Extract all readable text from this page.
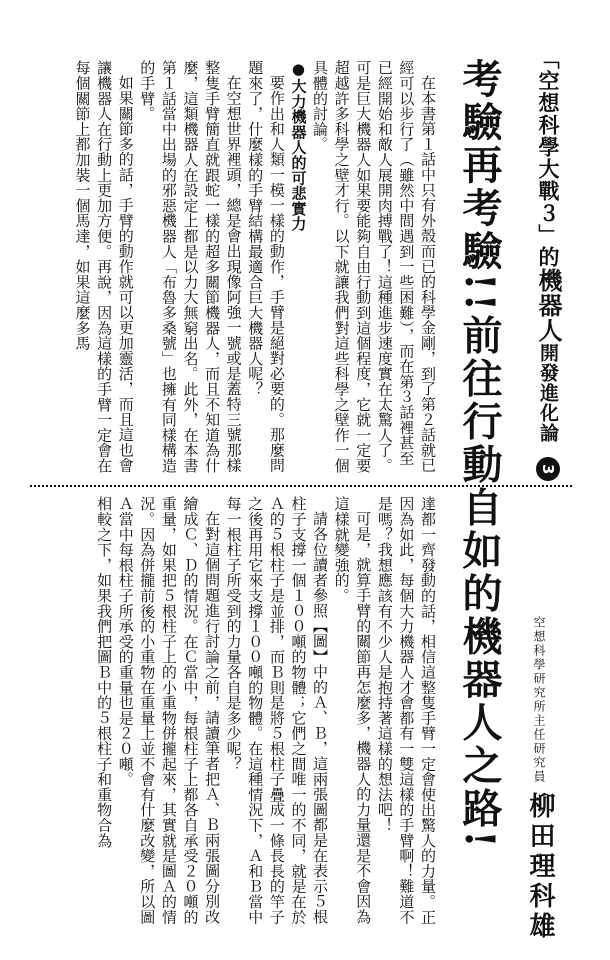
「空想科學大戰３」的機器人開發進化論 3
空想科學研究所主任研究員
柳田理科雄
考驗再考驗!!前往行動自如的機器人之路!

在本書第１話中只有外殼而已的科學金剛，到了第２話就已經可以步行了（雖然中間遇到一些困難），而在第３話裡甚至已經開始和敵人展開肉搏戰了！這種進步速度實在太驚人了。可是巨大機器人如果要能夠自由行動到這個程度，它就一定要超越許多科學之壁才行。以下就讓我們對這些科學之壁作一個具體的討論。

●大力機器人的可悲實力

要作出和人類一模一樣的動作，手臂是絕對必要的。那麼問題來了，什麼樣的手臂結構最適合巨大機器人呢？

在空想世界裡頭，總是會出現像阿強一號或是蓋特三號那樣整隻手臂簡直就跟蛇一樣的超多關節機器人，而且不知道為什麼，這類機器人在設定上都是以力大無窮出名。此外，在本書第１話當中出場的邪惡機器人「布魯多桑號」也擁有同樣構造的手臂。

如果關節多的話，手臂的動作就可以更加靈活，而且這也會讓機器人在行動上更加方便。再說，因為這樣的手臂一定會在每個關節上都加裝一個馬達，如果這麼多馬

達都一齊發動的話，相信這整隻手臂一定會使出驚人的力量。正因為如此，每個大力機器人才會都有一雙這樣的手臂啊！難道不是嗎？我想應該有不少人是抱持著這樣的想法吧！

可是，就算手臂的關節再怎麼多，機器人的力量還是不會因為這樣就變強的。

請各位讀者參照【圖】中的Ａ、Ｂ，這兩張圖都是在表示５根柱子支撐一個１００噸的物體；它們之間唯一的不同，就是在於Ａ的５根柱子是並排，而Ｂ則是將５根柱子疊成一條長長的竿子之後再用它來支撐１００噸的物體。在這種情況下，Ａ和Ｂ當中每一根柱子所受到的力量各自是多少呢？

在對這個問題進行討論之前，請讀筆者把Ａ、Ｂ兩張圖分別改繪成Ｃ、Ｄ的情況。在Ｃ當中，每根柱子上都各自承受２０噸的重量，如果把５根柱子上的小重物併攏起來，其實就是圖Ａ的情況。因為併攏前後的小重物在重量上並不會有什麼改變，所以圖Ａ當中每根柱子所承受的重量也是２０噸。

相較之下，如果我們把圖Ｂ中的５根柱子和重物合為
